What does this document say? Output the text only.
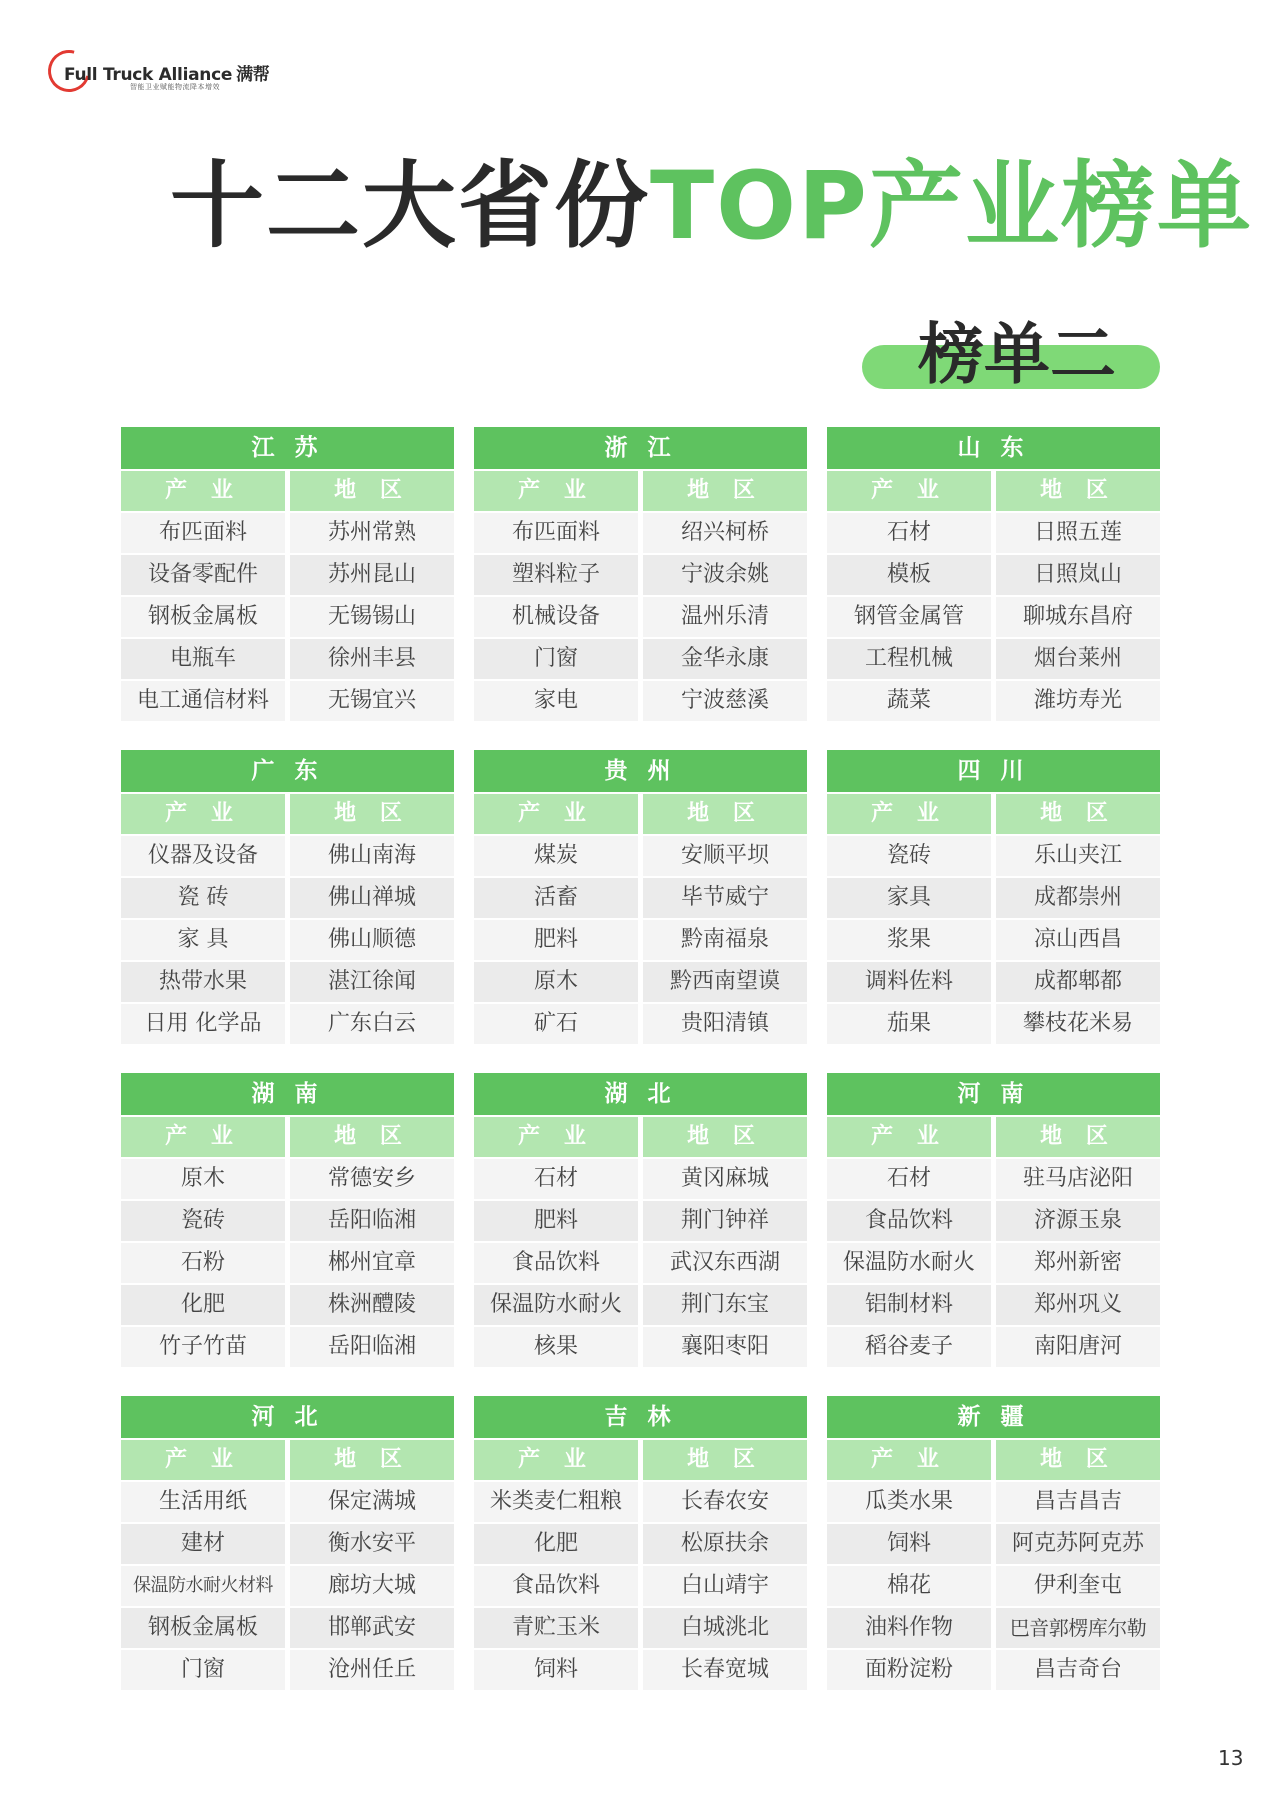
Full Truck Alliance 满帮
智能卫业赋能物流降本增效
十二大省份TOP产业榜单
榜单二
江 苏
产 业	地 区
布匹面料	苏州常熟
设备零配件	苏州昆山
钢板金属板	无锡锡山
电瓶车	徐州丰县
电工通信材料	无锡宜兴
浙 江
产 业	地 区
布匹面料	绍兴柯桥
塑料粒子	宁波余姚
机械设备	温州乐清
门窗	金华永康
家电	宁波慈溪
山 东
产 业	地 区
石材	日照五莲
模板	日照岚山
钢管金属管	聊城东昌府
工程机械	烟台莱州
蔬菜	潍坊寿光
广 东
产 业	地 区
仪器及设备	佛山南海
瓷 砖	佛山禅城
家 具	佛山顺德
热带水果	湛江徐闻
日用 化学品	广东白云
贵 州
产 业	地 区
煤炭	安顺平坝
活畜	毕节威宁
肥料	黔南福泉
原木	黔西南望谟
矿石	贵阳清镇
四 川
产 业	地 区
瓷砖	乐山夹江
家具	成都崇州
浆果	凉山西昌
调料佐料	成都郫都
茄果	攀枝花米易
湖 南
产 业	地 区
原木	常德安乡
瓷砖	岳阳临湘
石粉	郴州宜章
化肥	株洲醴陵
竹子竹苗	岳阳临湘
湖 北
产 业	地 区
石材	黄冈麻城
肥料	荆门钟祥
食品饮料	武汉东西湖
保温防水耐火	荆门东宝
核果	襄阳枣阳
河 南
产 业	地 区
石材	驻马店泌阳
食品饮料	济源玉泉
保温防水耐火	郑州新密
铝制材料	郑州巩义
稻谷麦子	南阳唐河
河 北
产 业	地 区
生活用纸	保定满城
建材	衡水安平
保温防水耐火材料	廊坊大城
钢板金属板	邯郸武安
门窗	沧州任丘
吉 林
产 业	地 区
米类麦仁粗粮	长春农安
化肥	松原扶余
食品饮料	白山靖宇
青贮玉米	白城洮北
饲料	长春宽城
新 疆
产 业	地 区
瓜类水果	昌吉昌吉
饲料	阿克苏阿克苏
棉花	伊利奎屯
油料作物	巴音郭楞库尔勒
面粉淀粉	昌吉奇台
13
